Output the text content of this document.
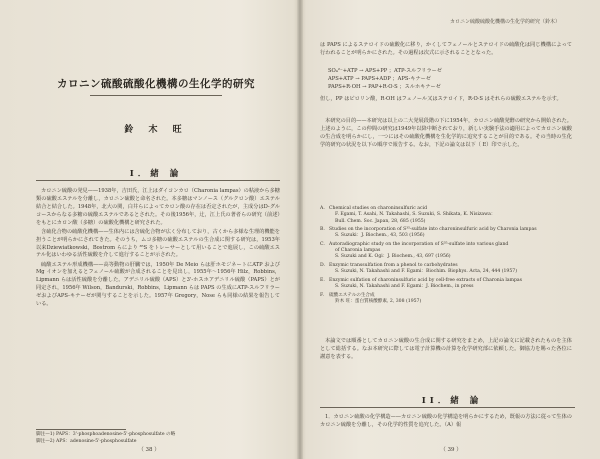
カロニン硫酸硫酸化機構の生化学的研究
鈴 木 旺
I．緒 論

カロニン硫酸の発見——1938年，吉田氏，江上はダイコンカロ（Charonia lampas）の粘液から多糖類の硫酸エステルを分離し，カロニン硫酸と命名された。本多糖はマンノース（グルクロン酸）エステル結合と結合した。1948年，北大の関，白井らによってカロン酸の存在は否定されたが，主成分はD-グルコースからなる多糖の硫酸エステルであるとされた。その後1956年，辻，江上氏の著者らの研究（前述）をもとにカロン酸（多糖）の硫酸化機構と研究された。

含硫化合物の硫酸化機構——生体内には含硫化合物が広く分布しており，古くから多様な生理的機能を担うことが明らかにされてきた。そのうち，ムコ多糖の硫酸エステルの生合成に関する研究は，1953年以来Dziewiatkowski，Bostrom らにより ³⁵S をトレーサーとして用いることで進展し，この硫酸エステル化はいわゆる活性硫酸を介して進行することが示された。

硫酸エステル形成機構——高等動物の肝臓では，1950年 De Meio らは肝ホモジネートにATP およびMg イオンを加えるとフェノール硫酸が合成されることを見出し，1955年～1956年 Hilz，Robbins，Lipmann らは活性硫酸を分離した。アデニリル硫酸（APS）と3'-ホスホアデニリル硫酸（PAPS）とが同定され，1956年 Wilson，Bandurski，Robbins，Lipmann らは PAPS の生成にATP-スルフリラーゼおよびAPS-キナーゼが関与することを示した。1957年 Gregory，Nose らも同様の結果を報告している。

脚注—1) PAPS：3'-phosphoadenosine-5'-phosphosulfate の略
脚注—2) APS：adenosine-5'-phosphosulfate
（ 38 ）
カロニン硫酸硫酸化機構の生化学的研究（鈴木）

は PAPS によるステロイドの硫酸化に移り，かくしてフェノールとステロイドの硫酸化は同じ機構によって行われることが明らかにされた。その過程は次式に示されることとなった。

SO₄²⁻+ATP → APS+PP ；ATP-スルフリラーゼ
APS+ATP → PAPS+ADP ；APS-キナーゼ
PAPS+R·OH → PAP+R·O·S ；スルホキナーゼ

但し，PP はピロリン酸，R·OH はフェノール又はステロイド，R·O·S はそれらの硫酸エステルを示す。

本研究の目的——本研究は以上の二大発展段階の下に1954年，カロニン硫酸発酵の研究から開始された。上述のように，この仲間の研究は1949年以降中断されており，新しい実験手法の適用によってカロニン硫酸の生合成を明らかにし，一つにはその硫酸化機構を生化学的に追究することが目的である。その当時の生化学的研究の状況を以下の順序で報告する。なお，下記の論文は以下（ E）印で示した。

A. Chemical studies on charoninsulfuric acid
F. Egami, T. Asahi, N. Takahashi, S. Suzuki, S. Shikata, K. Nisizawa：
Bull. Chem. Soc. Japan, 28, 685 (1955)
B. Studies on the incorporation of S³⁵-sulfate into charoninsulfuric acid by Charonia lampas
S. Suzuki：J. Biochem., 43, 503 (1956)
C. Autoradiographic study on the incorporation of S³⁵-sulfate into various gland
of Charonia lampas
S. Suzuki and K. Ogi：J. Biochem., 43, 697 (1956)
D. Enzymic transsulfation from a phenol to carbohydrates
S. Suzuki, N. Takahashi and F. Egami：Biochim. Biophys. Acta, 24, 444 (1957)
E. Enzymic sulfation of charoninsulfuric acid by cell-free extracts of Charonia lampas
S. Suzuki, N. Takahashi and F. Egami：J. Biochem., in press
F.	硫酸エステルの生合成
鈴木 旺：蛋白質核酸酵素, 2, 308 (1957)

本論文では順番としてカロニン硫酸の生合成に関する研究をまとめ，上記の論文に記載されたものを主体として総括する。なお本研究に際しては電子計算機の計算を化学研究部に依頼した。御協力を賜った各位に謝意を表する。

II．緒 論

1．カロニン硫酸の化学構造——カロニン硫酸の化学構造を明らかにするため，既報の方法に従って生体のカロニン硫酸を分離し，その化学的性質を追究した。（A）報

（ 39 ）
